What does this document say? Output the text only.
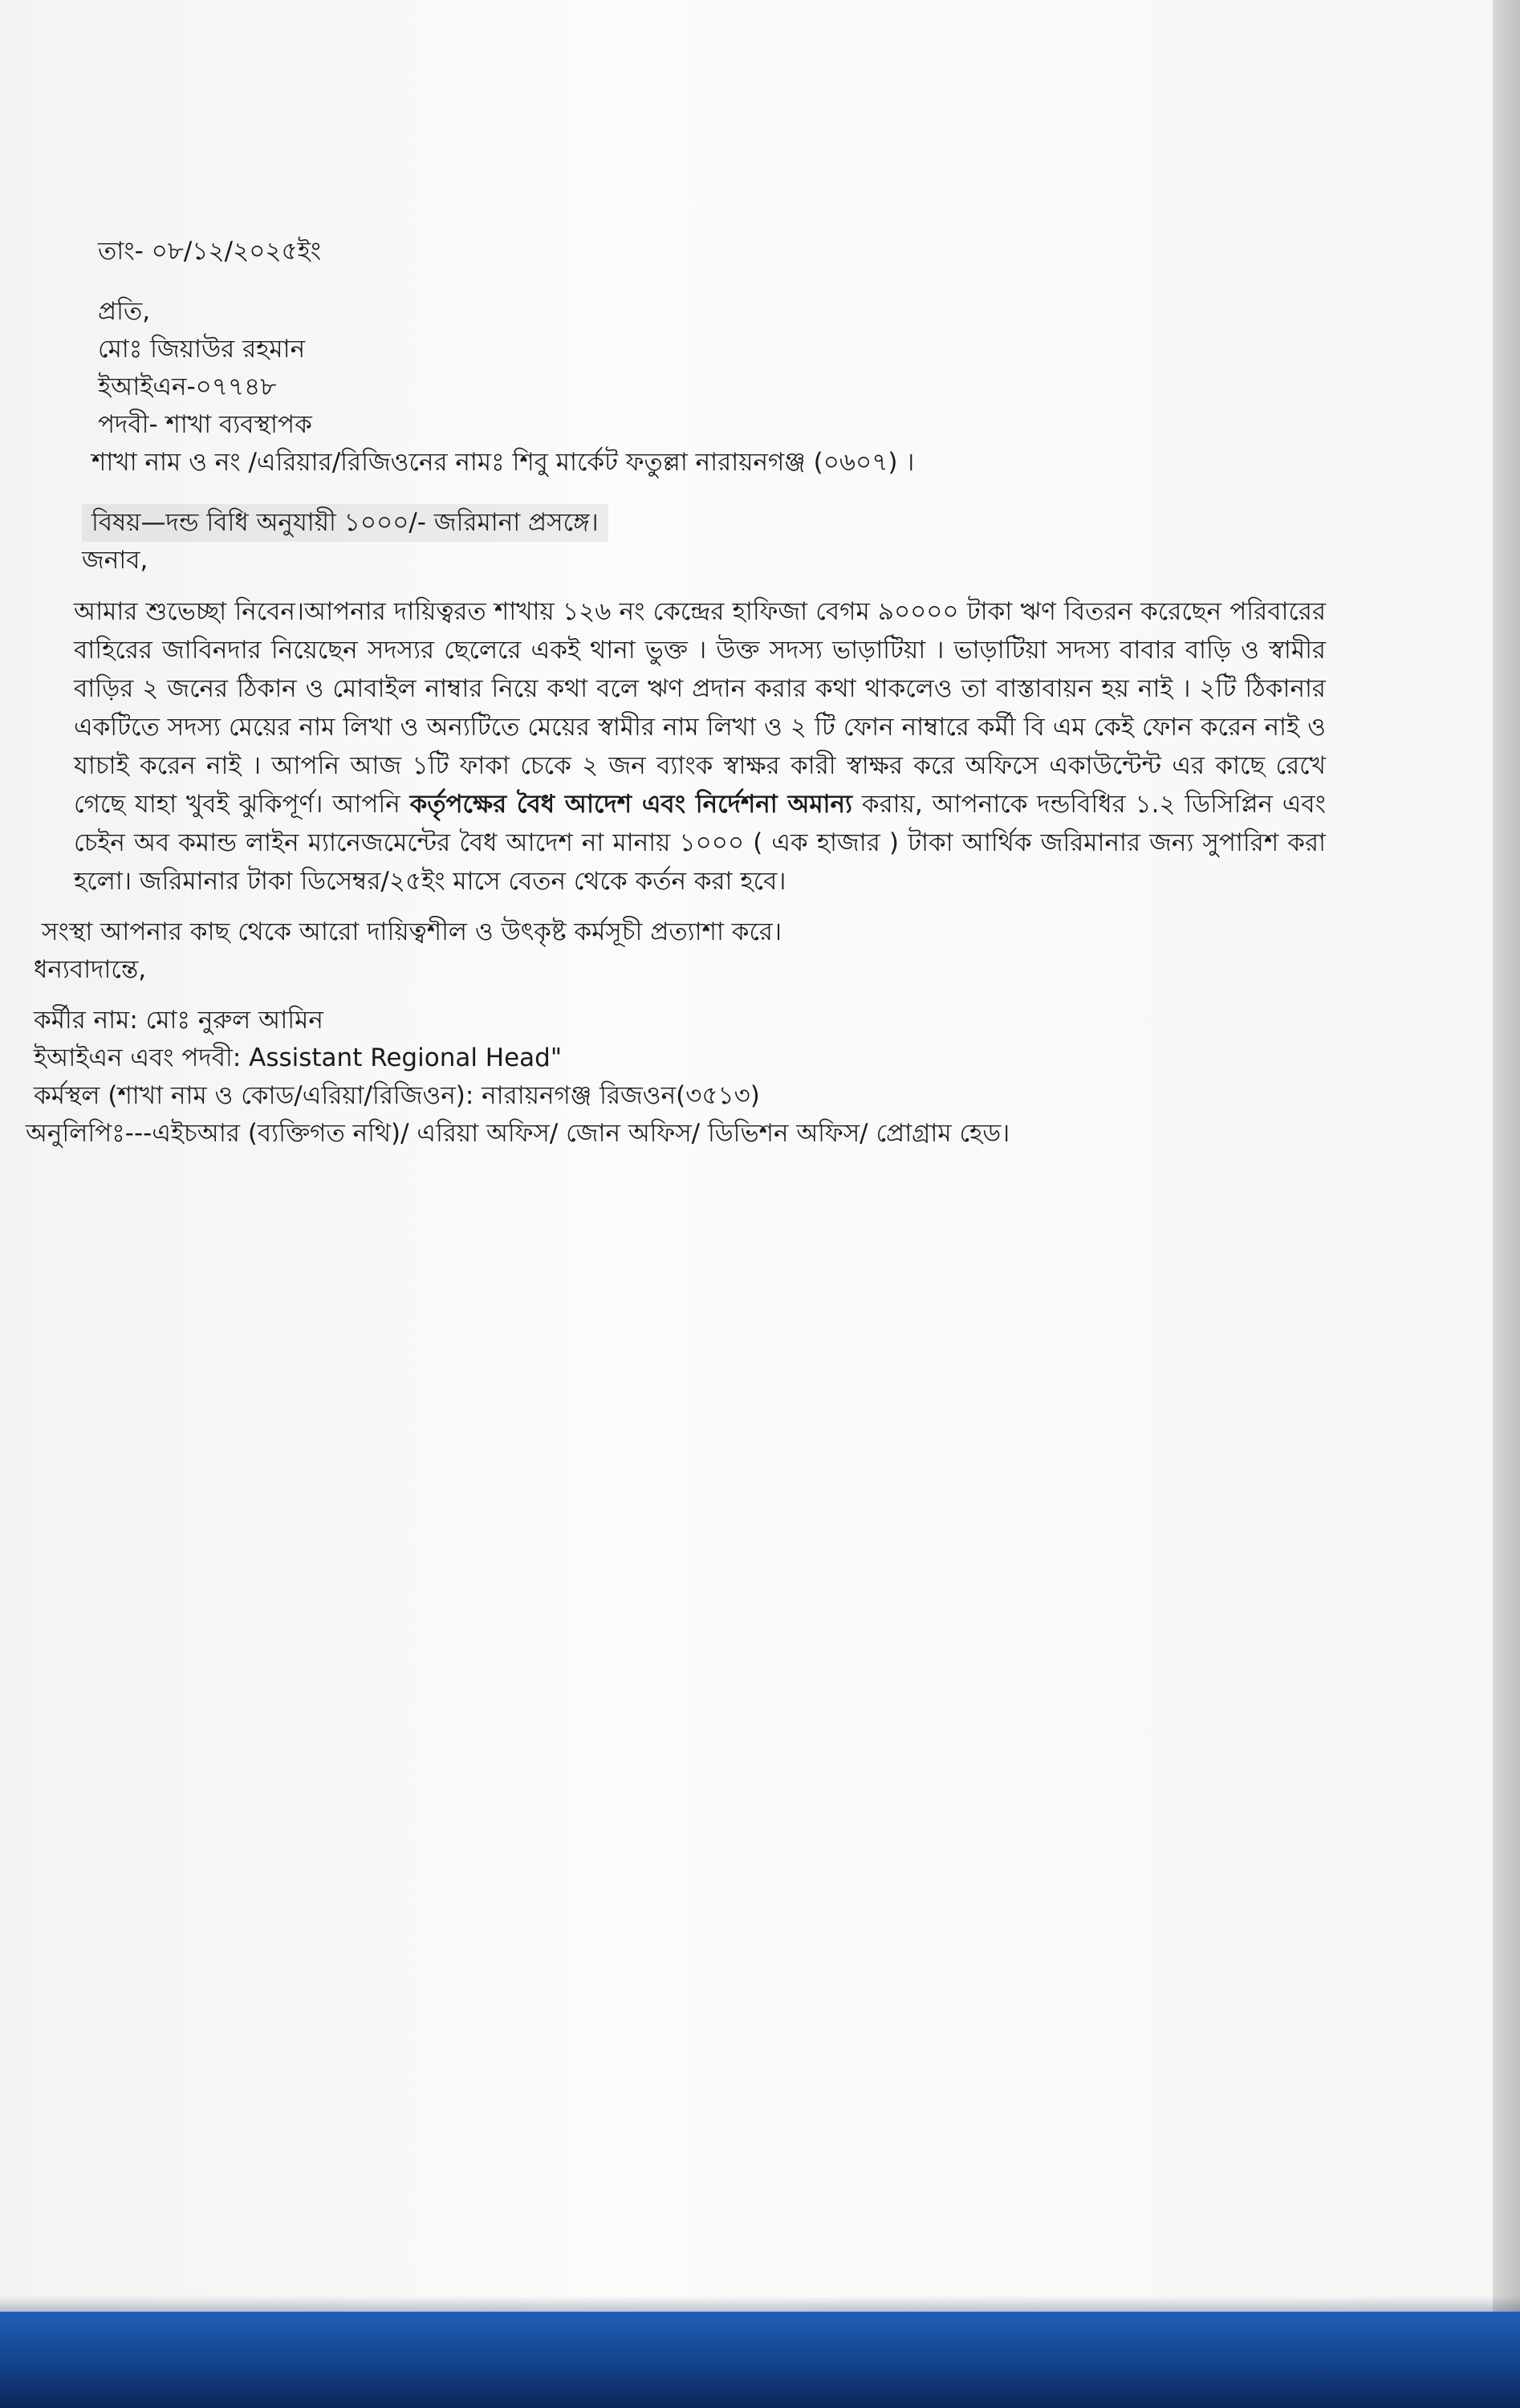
তাং- ০৮/১২/২০২৫ইং
প্রতি,
মোঃ জিয়াউর রহমান
ইআইএন-০৭৭৪৮
পদবী- শাখা ব্যবস্থাপক
শাখা নাম ও নং /এরিয়ার/রিজিওনের নামঃ শিবু মার্কেট ফতুল্লা নারায়নগঞ্জ (০৬০৭) ।
বিষয়—দন্ড বিধি অনুযায়ী ১০০০/- জরিমানা প্রসঙ্গে।
জনাব,
আমার শুভেচ্ছা নিবেন।আপনার দায়িত্বরত শাখায় ১২৬ নং কেন্দ্রের হাফিজা বেগম ৯০০০০ টাকা ঋণ বিতরন করেছেন পরিবারের বাহিরের জাবিনদার নিয়েছেন সদস্যর ছেলেরে একই থানা ভুক্ত । উক্ত সদস্য ভাড়াটিয়া । ভাড়াটিয়া সদস্য বাবার বাড়ি ও স্বামীর বাড়ির ২ জনের ঠিকান ও মোবাইল নাম্বার নিয়ে কথা বলে ঋণ প্রদান করার কথা থাকলেও তা বাস্তাবায়ন হয় নাই । ২টি ঠিকানার একটিতে সদস্য মেয়ের নাম লিখা ও অন্যটিতে মেয়ের স্বামীর নাম লিখা ও ২ টি ফোন নাম্বারে কর্মী বি এম কেই ফোন করেন নাই ও যাচাই করেন নাই । আপনি আজ ১টি ফাকা চেকে ২ জন ব্যাংক স্বাক্ষর কারী স্বাক্ষর করে অফিসে একাউন্টেন্ট এর কাছে রেখে গেছে যাহা খুবই ঝুকিপূর্ণ। আপনি কর্তৃপক্ষের বৈধ আদেশ এবং নির্দেশনা অমান্য করায়, আপনাকে দন্ডবিধির ১.২ ডিসিপ্লিন এবং চেইন অব কমান্ড লাইন ম্যানেজমেন্টের বৈধ আদেশ না মানায় ১০০০ ( এক হাজার ) টাকা আর্থিক জরিমানার জন্য সুপারিশ করা হলো। জরিমানার টাকা ডিসেম্বর/২৫ইং মাসে বেতন থেকে কর্তন করা হবে।
সংস্থা আপনার কাছ থেকে আরো দায়িত্বশীল ও উৎকৃষ্ট কর্মসূচী প্রত্যাশা করে।
ধন্যবাদান্তে,
কর্মীর নাম: মোঃ নুরুল আমিন
ইআইএন এবং পদবী: Assistant Regional Head"
কর্মস্থল (শাখা নাম ও কোড/এরিয়া/রিজিওন): নারায়নগঞ্জ রিজওন(৩৫১৩)
অনুলিপিঃ---এইচআর (ব্যক্তিগত নথি)/ এরিয়া অফিস/ জোন অফিস/ ডিভিশন অফিস/ প্রোগ্রাম হেড।
